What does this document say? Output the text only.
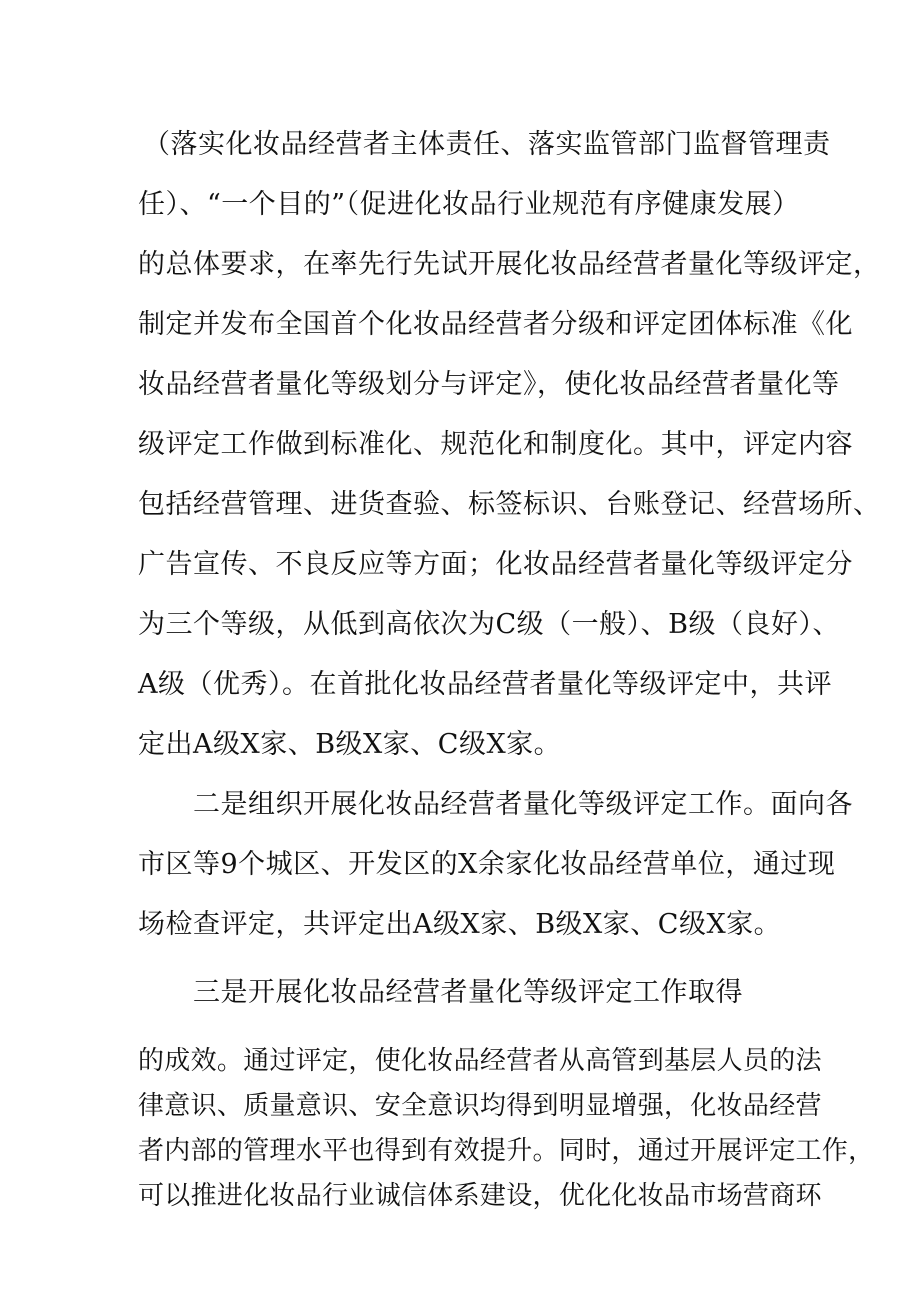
（落实化妆品经营者主体责任、落实监管部门监督管理责
任）、“一个目的”（促进化妆品行业规范有序健康发展）
的总体要求，在率先行先试开展化妆品经营者量化等级评定，
制定并发布全国首个化妆品经营者分级和评定团体标准《化
妆品经营者量化等级划分与评定》，使化妆品经营者量化等
级评定工作做到标准化、规范化和制度化。其中，评定内容
包括经营管理、进货查验、标签标识、台账登记、经营场所、
广告宣传、不良反应等方面；化妆品经营者量化等级评定分
为三个等级，从低到高依次为C级（一般）、B级（良好）、
A级（优秀）。在首批化妆品经营者量化等级评定中，共评
定出A级X家、B级X家、C级X家。
二是组织开展化妆品经营者量化等级评定工作。面向各
市区等9个城区、开发区的X余家化妆品经营单位，通过现
场检查评定，共评定出A级X家、B级X家、C级X家。
三是开展化妆品经营者量化等级评定工作取得
的成效。通过评定，使化妆品经营者从高管到基层人员的法
律意识、质量意识、安全意识均得到明显增强，化妆品经营
者内部的管理水平也得到有效提升。同时，通过开展评定工作，
可以推进化妆品行业诚信体系建设，优化化妆品市场营商环
